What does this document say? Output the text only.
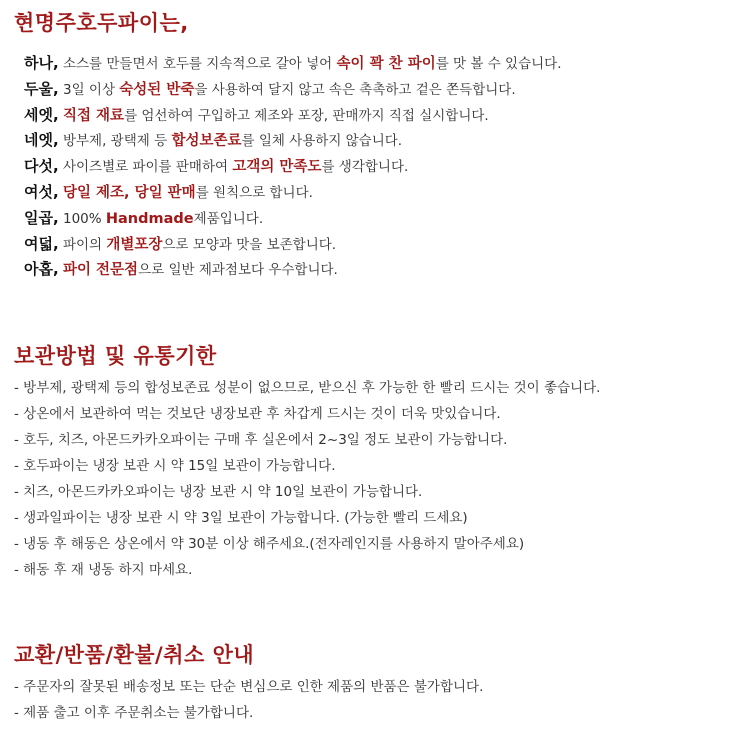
현명주호두파이는,
하나, 소스를 만들면서 호두를 지속적으로 갈아 넣어 속이 꽉 찬 파이를 맛 볼 수 있습니다.
두울, 3일 이상 숙성된 반죽을 사용하여 달지 않고 속은 촉촉하고 겉은 쫀득합니다.
세엣, 직접 재료를 엄선하여 구입하고 제조와 포장, 판매까지 직접 실시합니다.
네엣, 방부제, 광택제 등 합성보존료를 일체 사용하지 않습니다.
다섯, 사이즈별로 파이를 판매하여 고객의 만족도를 생각합니다.
여섯, 당일 제조, 당일 판매를 원칙으로 합니다.
일곱, 100% Handmade제품입니다.
여덟, 파이의 개별포장으로 모양과 맛을 보존합니다.
아홉, 파이 전문점으로 일반 제과점보다 우수합니다.
보관방법 및 유통기한
- 방부제, 광택제 등의 합성보존료 성분이 없으므로, 받으신 후 가능한 한 빨리 드시는 것이 좋습니다.
- 상온에서 보관하여 먹는 것보단 냉장보관 후 차갑게 드시는 것이 더욱 맛있습니다.
- 호두, 치즈, 아몬드카카오파이는 구매 후 실온에서 2~3일 정도 보관이 가능합니다.
- 호두파이는 냉장 보관 시 약 15일 보관이 가능합니다.
- 치즈, 아몬드카카오파이는 냉장 보관 시 약 10일 보관이 가능합니다.
- 생과일파이는 냉장 보관 시 약 3일 보관이 가능합니다. (가능한 빨리 드세요)
- 냉동 후 해동은 상온에서 약 30분 이상 해주세요.(전자레인지를 사용하지 말아주세요)
- 해동 후 재 냉동 하지 마세요.
교환/반품/환불/취소 안내
- 주문자의 잘못된 배송정보 또는 단순 변심으로 인한 제품의 반품은 불가합니다.
- 제품 출고 이후 주문취소는 불가합니다.
